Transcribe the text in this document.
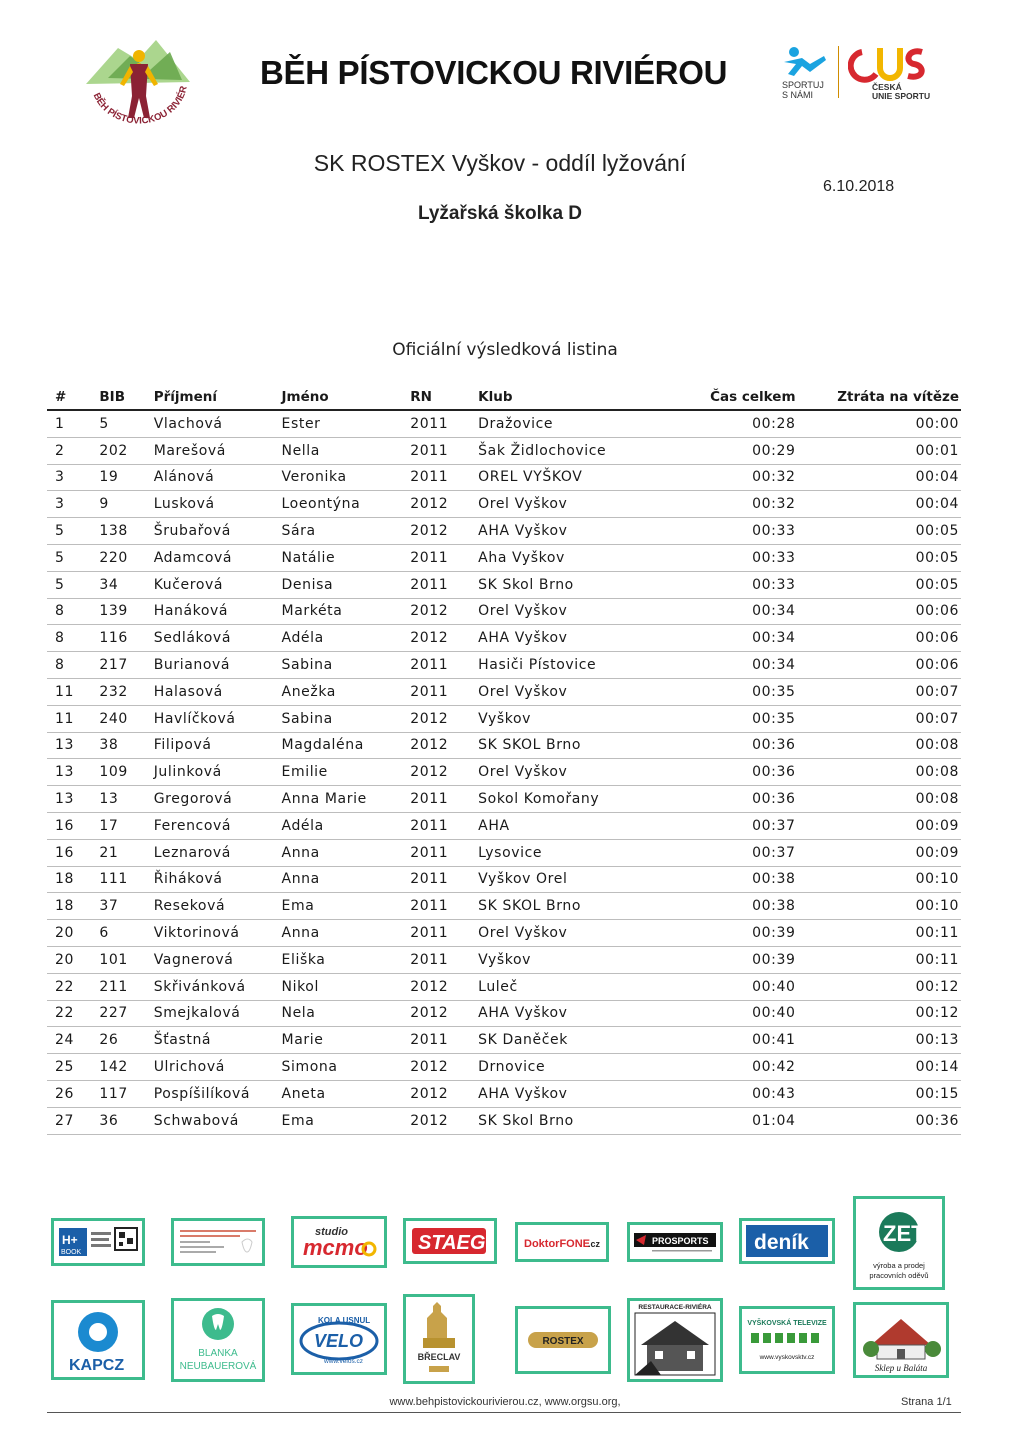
BĚH PÍSTOVICKOU RIVIÉR BĚH PÍSTOVICKOU RIVIÉROU	SPORTUJ
S NÁMI
ČESKÁ
UNIE SPORTU
SK ROSTEX Vyškov - oddíl lyžování
6.10.2018
Lyžařská školka D
Oficiální výsledková listina
#	BIB	Příjmení	Jméno	RN	Klub	Čas celkem	Ztráta na vítěze
1	5	Vlachová	Ester	2011	Dražovice	00:28	00:00
2	202	Marešová	Nella	2011	Šak Židlochovice	00:29	00:01
3	19	Alánová	Veronika	2011	OREL VYŠKOV	00:32	00:04
3	9	Lusková	Loeontýna	2012	Orel Vyškov	00:32	00:04
5	138	Šrubařová	Sára	2012	AHA Vyškov	00:33	00:05
5	220	Adamcová	Natálie	2011	Aha Vyškov	00:33	00:05
5	34	Kučerová	Denisa	2011	SK Skol Brno	00:33	00:05
8	139	Hanáková	Markéta	2012	Orel Vyškov	00:34	00:06
8	116	Sedláková	Adéla	2012	AHA Vyškov	00:34	00:06
8	217	Burianová	Sabina	2011	Hasiči Pístovice	00:34	00:06
11	232	Halasová	Anežka	2011	Orel Vyškov	00:35	00:07
11	240	Havlíčková	Sabina	2012	Vyškov	00:35	00:07
13	38	Filipová	Magdaléna	2012	SK SKOL Brno	00:36	00:08
13	109	Julinková	Emilie	2012	Orel Vyškov	00:36	00:08
13	13	Gregorová	Anna Marie	2011	Sokol Komořany	00:36	00:08
16	17	Ferencová	Adéla	2011	AHA	00:37	00:09
16	21	Leznarová	Anna	2011	Lysovice	00:37	00:09
18	111	Řiháková	Anna	2011	Vyškov Orel	00:38	00:10
18	37	Reseková	Ema	2011	SK SKOL Brno	00:38	00:10
20	6	Viktorinová	Anna	2011	Orel Vyškov	00:39	00:11
20	101	Vagnerová	Eliška	2011	Vyškov	00:39	00:11
22	211	Skřivánková	Nikol	2012	Luleč	00:40	00:12
22	227	Smejkalová	Nela	2012	AHA Vyškov	00:40	00:12
24	26	Šťastná	Marie	2011	SK Daněček	00:41	00:13
25	142	Ulrichová	Simona	2012	Drnovice	00:42	00:14
26	117	Pospíšilíková	Aneta	2012	AHA Vyškov	00:43	00:15
27	36	Schwabová	Ema	2012	SK Skol Brno	01:04	00:36
H+
BOOK
studio
mcmo	STAEG	DoktorFONE
.cz	PROSPORTS deník	ZET
výroba a prodej
pracovních oděvů
KAPCZ
BLANKA
NEUBAUEROVÁ
KOLA USNUL
VELO
www.velos.cz	BŘECLAV
ROSTEX
RESTAURACE-RIVIÉRA
VYŠKOVSKÁ TELEVIZE
www.vyskovsktv.cz
Sklep u Baláta
www.behpistovickourivierou.cz, www.orgsu.org,	Strana 1/1
